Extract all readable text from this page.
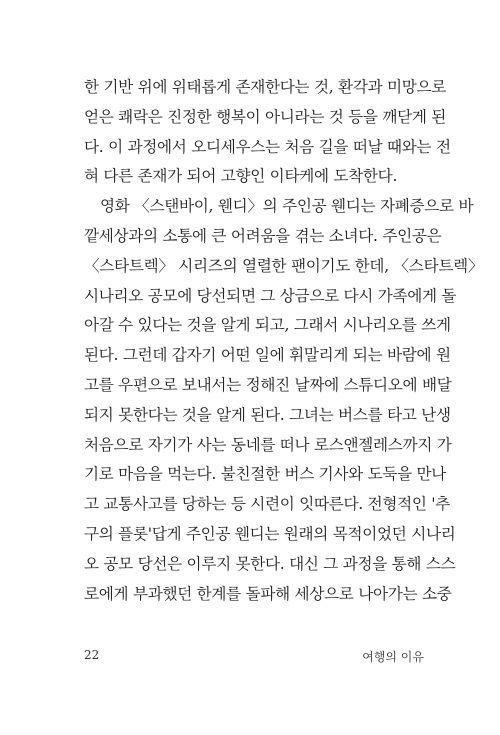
한 기반 위에 위태롭게 존재한다는 것, 환각과 미망으로
얻은 쾌락은 진정한 행복이 아니라는 것 등을 깨닫게 된
다. 이 과정에서 오디세우스는 처음 길을 떠날 때와는 전
혀 다른 존재가 되어 고향인 이타케에 도착한다.
영화 〈스탠바이, 웬디〉의 주인공 웬디는 자폐증으로 바
깥세상과의 소통에 큰 어려움을 겪는 소녀다. 주인공은
〈스타트렉〉 시리즈의 열렬한 팬이기도 한데, 〈스타트렉〉
시나리오 공모에 당선되면 그 상금으로 다시 가족에게 돌
아갈 수 있다는 것을 알게 되고, 그래서 시나리오를 쓰게
된다. 그런데 갑자기 어떤 일에 휘말리게 되는 바람에 원
고를 우편으로 보내서는 정해진 날짜에 스튜디오에 배달
되지 못한다는 것을 알게 된다. 그녀는 버스를 타고 난생
처음으로 자기가 사는 동네를 떠나 로스앤젤레스까지 가
기로 마음을 먹는다. 불친절한 버스 기사와 도둑을 만나
고 교통사고를 당하는 등 시련이 잇따른다. 전형적인 '추
구의 플롯'답게 주인공 웬디는 원래의 목적이었던 시나리
오 공모 당선은 이루지 못한다. 대신 그 과정을 통해 스스
로에게 부과했던 한계를 돌파해 세상으로 나아가는 소중
22	여행의 이유
